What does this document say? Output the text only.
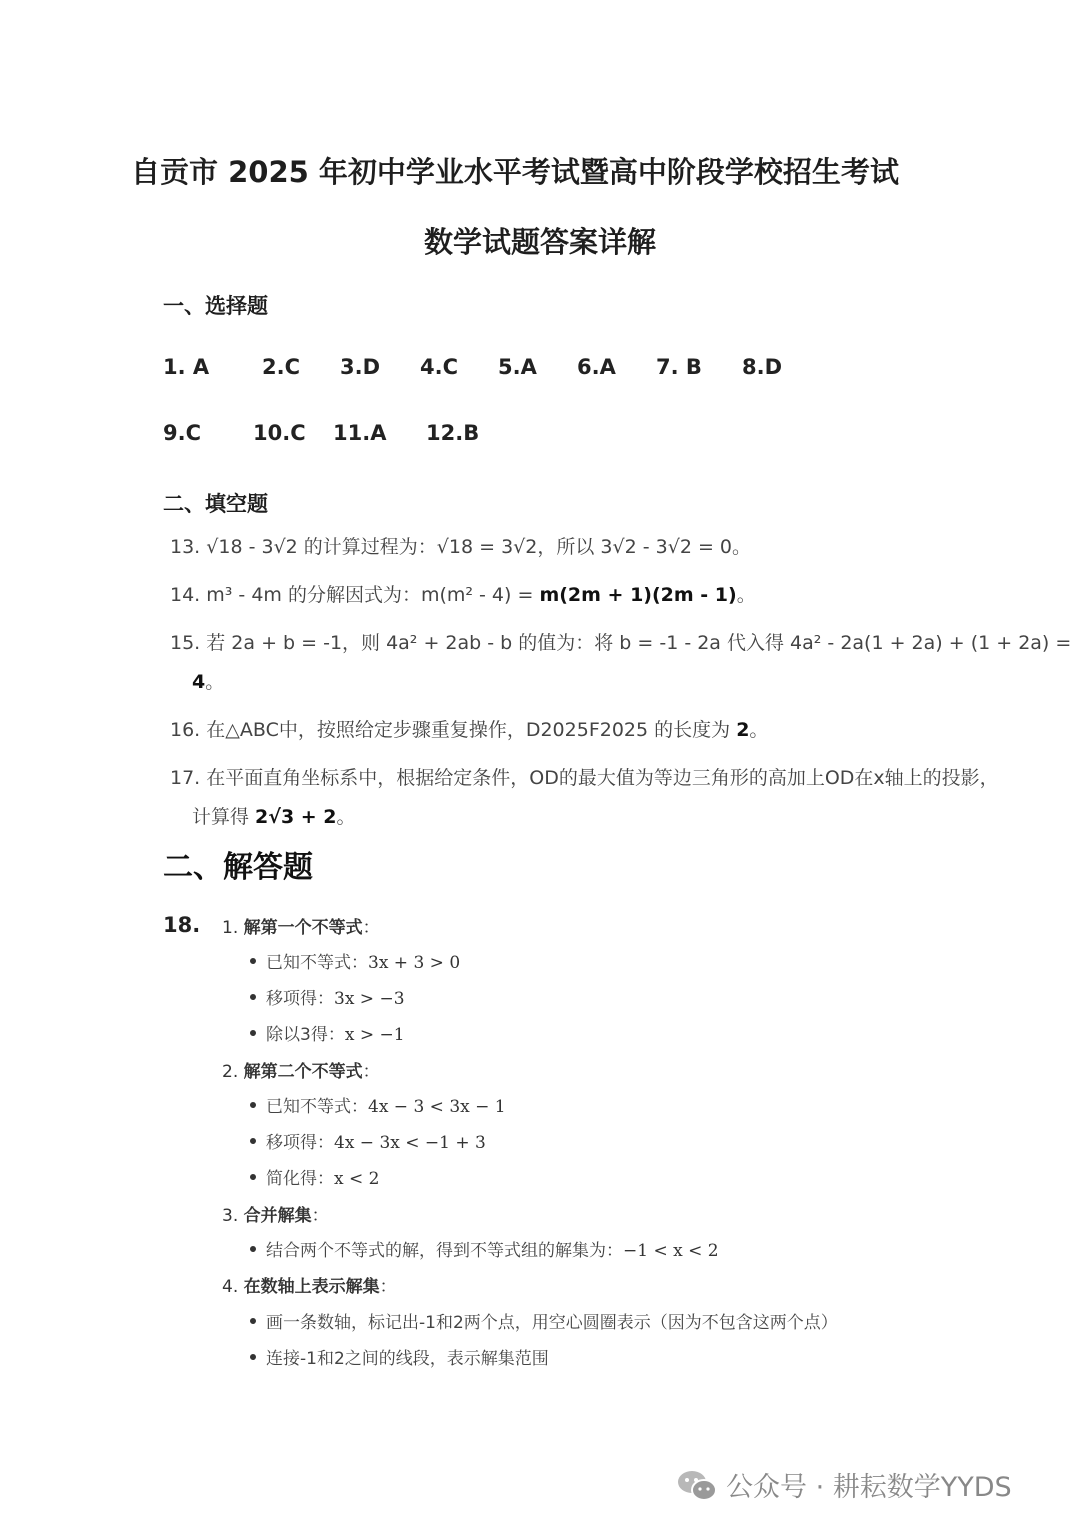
自贡市 2025 年初中学业水平考试暨高中阶段学校招生考试
数学试题答案详解
一、选择题
1. A	2.C 3.D 4.C 5.A 6.A 7. B 8.D
9.C 10.C 11.A 12.B
二、填空题
13. √18 - 3√2 的计算过程为：√18 = 3√2，所以 3√2 - 3√2 = 0。
14. m³ - 4m 的分解因式为：m(m² - 4) = m(2m + 1)(2m - 1)。
15. 若 2a + b = -1，则 4a² + 2ab - b 的值为：将 b = -1 - 2a 代入得 4a² - 2a(1 + 2a) + (1 + 2a) =
4。
16. 在△ABC中，按照给定步骤重复操作，D2025F2025 的长度为 2。
17. 在平面直角坐标系中，根据给定条件，OD的最大值为等边三角形的高加上OD在x轴上的投影，
计算得 2√3 + 2。
二、解答题
18. 1. 解第一个不等式：
已知不等式：3x + 3 > 0
移项得：3x > −3
除以3得：x > −1
2. 解第二个不等式：
已知不等式：4x − 3 < 3x − 1
移项得：4x − 3x < −1 + 3
简化得：x < 2
3. 合并解集：
结合两个不等式的解，得到不等式组的解集为：−1 < x < 2
4. 在数轴上表示解集：
画一条数轴，标记出-1和2两个点，用空心圆圈表示（因为不包含这两个点）
连接-1和2之间的线段，表示解集范围
公众号 · 耕耘数学YYDS
